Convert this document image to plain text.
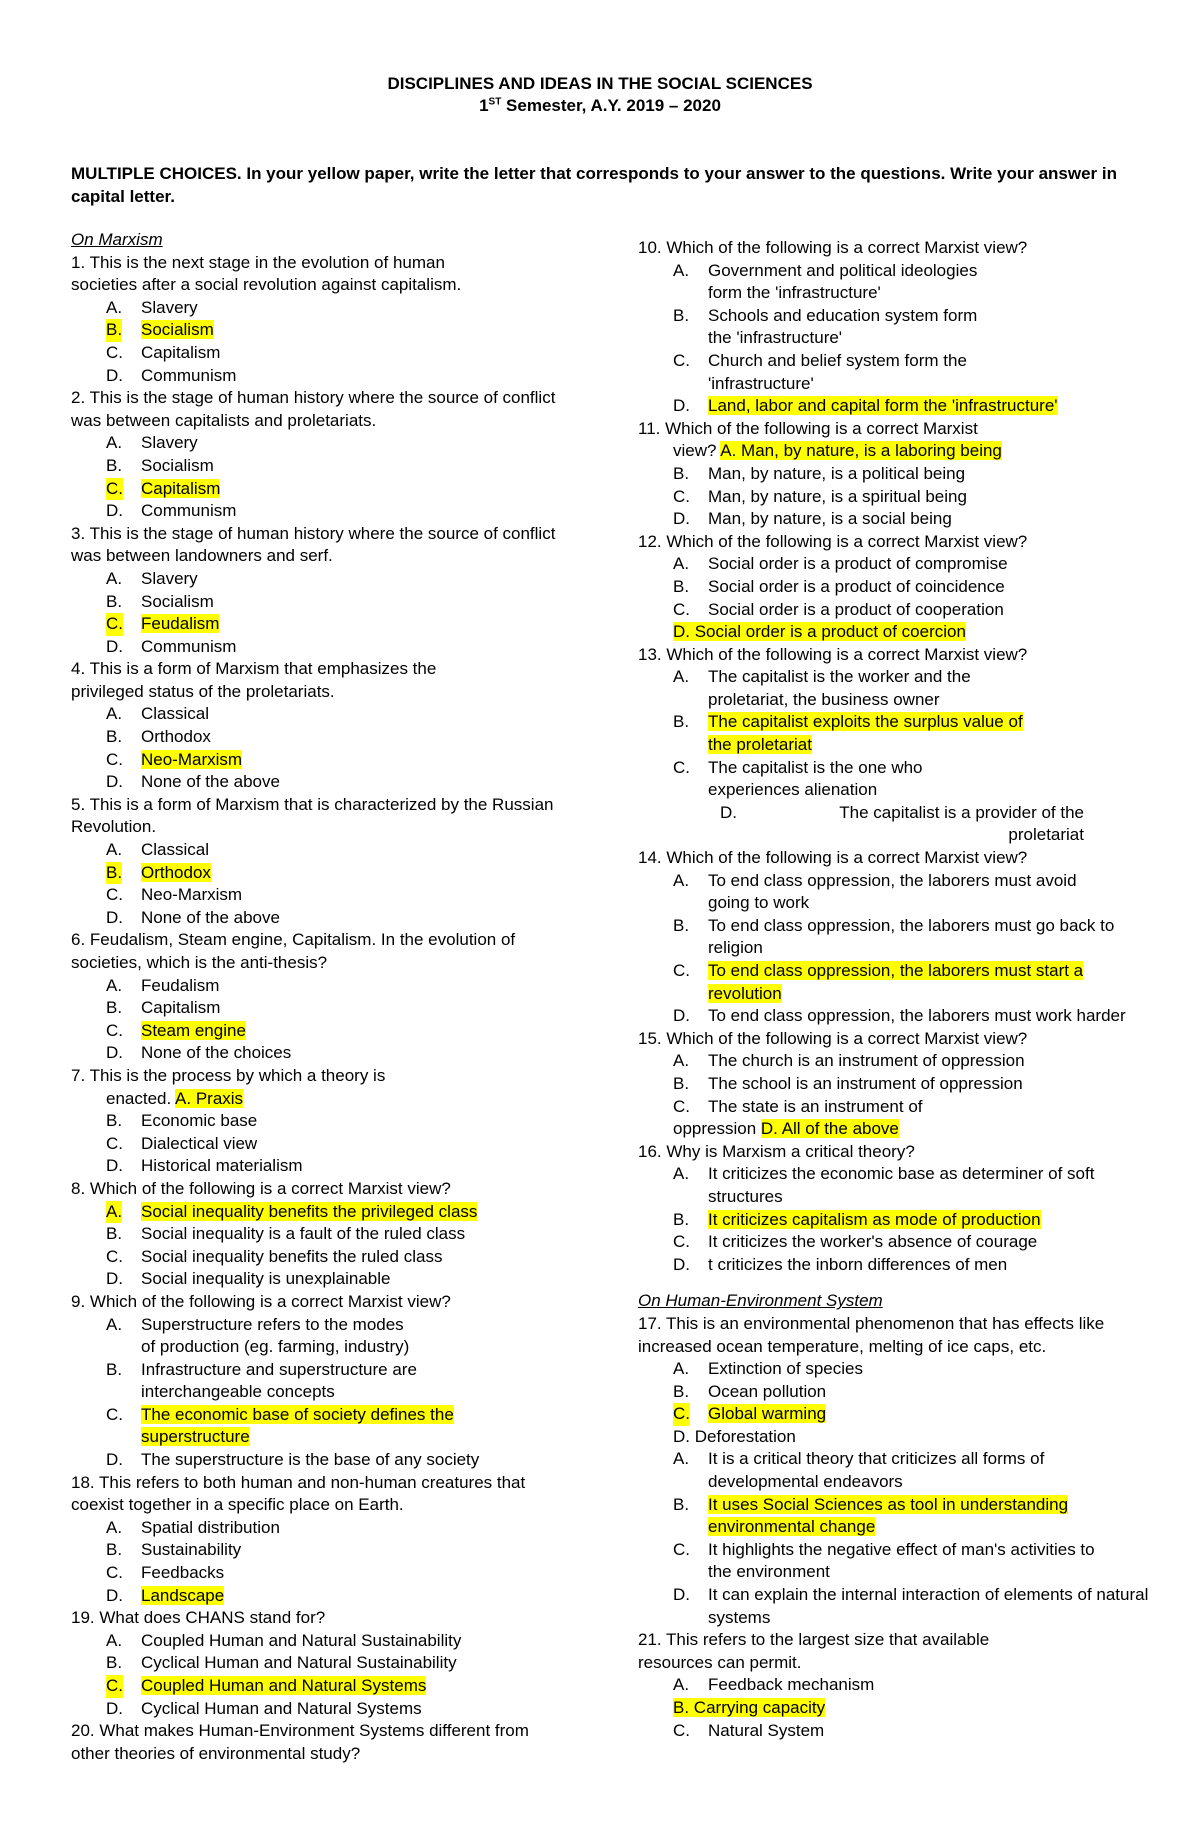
DISCIPLINES AND IDEAS IN THE SOCIAL SCIENCES
1ST Semester, A.Y. 2019 – 2020
MULTIPLE CHOICES. In your yellow paper, write the letter that corresponds to your answer to the questions. Write your answer in capital letter.
On Marxism
1. This is the next stage in the evolution of human societies after a social revolution against capitalism.
A. Slavery
B. Socialism
C. Capitalism
D. Communism
2. This is the stage of human history where the source of conflict was between capitalists and proletariats.
A. Slavery
B. Socialism
C. Capitalism
D. Communism
3. This is the stage of human history where the source of conflict was between landowners and serf.
A. Slavery
B. Socialism
C. Feudalism
D. Communism
4. This is a form of Marxism that emphasizes the privileged status of the proletariats.
A. Classical
B. Orthodox
C. Neo-Marxism
D. None of the above
5. This is a form of Marxism that is characterized by the Russian Revolution.
A. Classical
B. Orthodox
C. Neo-Marxism
D. None of the above
6. Feudalism, Steam engine, Capitalism. In the evolution of societies, which is the anti-thesis?
A. Feudalism
B. Capitalism
C. Steam engine
D. None of the choices
7. This is the process by which a theory is
enacted. A. Praxis
B. Economic base
C. Dialectical view
D. Historical materialism
8. Which of the following is a correct Marxist view?
A. Social inequality benefits the privileged class
B. Social inequality is a fault of the ruled class
C. Social inequality benefits the ruled class
D. Social inequality is unexplainable
9. Which of the following is a correct Marxist view?
A. Superstructure refers to the modes of production (eg. farming, industry)
B. Infrastructure and superstructure are interchangeable concepts
C. The economic base of society defines the superstructure
D. The superstructure is the base of any society
18. This refers to both human and non-human creatures that coexist together in a specific place on Earth.
A. Spatial distribution
B. Sustainability
C. Feedbacks
D. Landscape
19. What does CHANS stand for?
A. Coupled Human and Natural Sustainability
B. Cyclical Human and Natural Sustainability
C. Coupled Human and Natural Systems
D. Cyclical Human and Natural Systems
20. What makes Human-Environment Systems different from other theories of environmental study?
10. Which of the following is a correct Marxist view?
A. Government and political ideologies form the 'infrastructure'
B. Schools and education system form the 'infrastructure'
C. Church and belief system form the 'infrastructure'
D. Land, labor and capital form the 'infrastructure'
11. Which of the following is a correct Marxist
view? A. Man, by nature, is a laboring being
B. Man, by nature, is a political being
C. Man, by nature, is a spiritual being
D. Man, by nature, is a social being
12. Which of the following is a correct Marxist view?
A. Social order is a product of compromise
B. Social order is a product of coincidence
C. Social order is a product of cooperation
D. Social order is a product of coercion
13. Which of the following is a correct Marxist view?
A. The capitalist is the worker and the proletariat, the business owner
B. The capitalist exploits the surplus value of the proletariat
C. The capitalist is the one who experiences alienation
D.	The capitalist is a provider of the proletariat
14. Which of the following is a correct Marxist view?
A. To end class oppression, the laborers must avoid going to work
B. To end class oppression, the laborers must go back to religion
C. To end class oppression, the laborers must start a revolution
D. To end class oppression, the laborers must work harder
15. Which of the following is a correct Marxist view?
A. The church is an instrument of oppression
B. The school is an instrument of oppression
C. The state is an instrument of
oppression D. All of the above
16. Why is Marxism a critical theory?
A. It criticizes the economic base as determiner of soft structures
B. It criticizes capitalism as mode of production
C. It criticizes the worker's absence of courage
D. t criticizes the inborn differences of men
On Human-Environment System
17. This is an environmental phenomenon that has effects like increased ocean temperature, melting of ice caps, etc.
A. Extinction of species
B. Ocean pollution
C. Global warming
D. Deforestation
A. It is a critical theory that criticizes all forms of developmental endeavors
B. It uses Social Sciences as tool in understanding environmental change
C. It highlights the negative effect of man's activities to the environment
D. It can explain the internal interaction of elements of natural systems
21. This refers to the largest size that available resources can permit.
A. Feedback mechanism
B. Carrying capacity
C. Natural System
